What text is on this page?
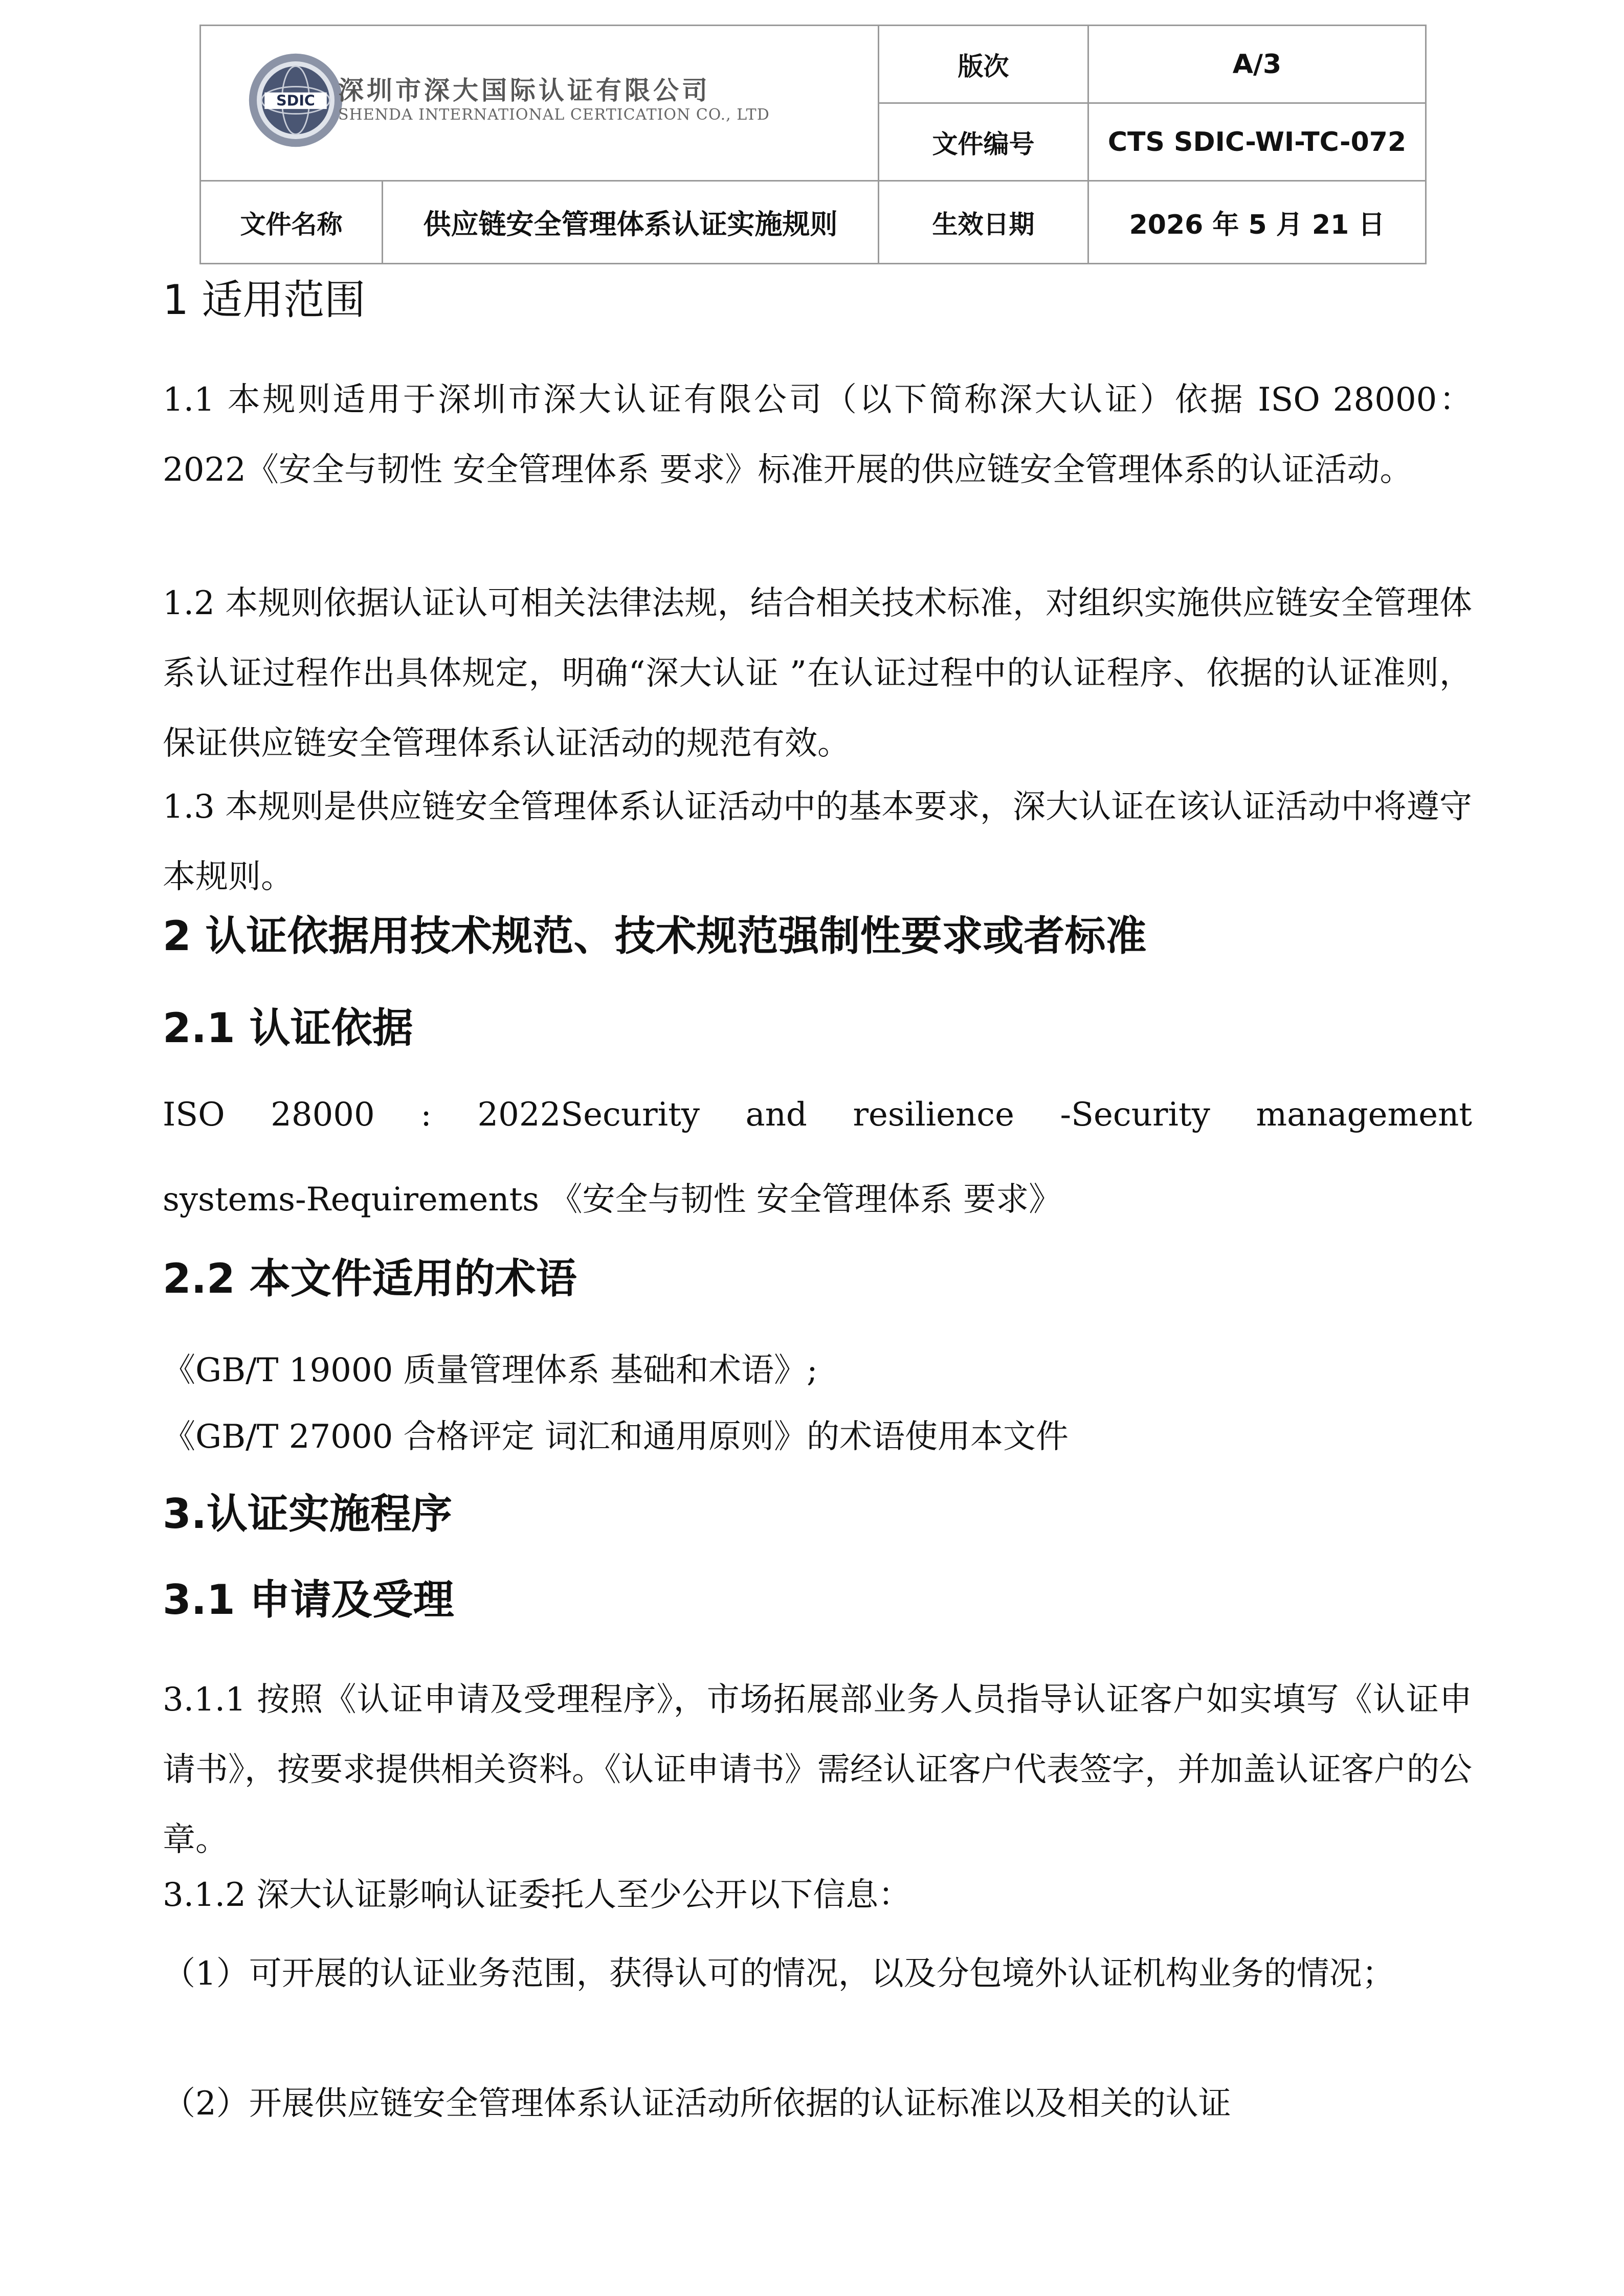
SDIC 深圳市深大国际认证有限公司
SHENDA INTERNATIONAL CERTICATION CO., LTD		版次	A/3
		文件编号	CTS SDIC-WI-TC-072
文件名称	供应链安全管理体系认证实施规则	生效日期	2026 年 5 月 21 日
1 适用范围

1.1 本规则适用于深圳市深大认证有限公司（以下简称深大认证）依据 ISO 28000：2022《安全与韧性 安全管理体系 要求》标准开展的供应链安全管理体系的认证活动。

1.2 本规则依据认证认可相关法律法规，结合相关技术标准，对组织实施供应链安全管理体系认证过程作出具体规定，明确“深大认证 ”在认证过程中的认证程序、依据的认证准则，保证供应链安全管理体系认证活动的规范有效。

1.3 本规则是供应链安全管理体系认证活动中的基本要求，深大认证在该认证活动中将遵守本规则。

2 认证依据用技术规范、技术规范强制性要求或者标准
2.1 认证依据
ISO 28000 : 2022Security and resilience -Security management
systems-Requirements 《安全与韧性 安全管理体系 要求》
2.2 本文件适用的术语
《GB/T 19000 质量管理体系 基础和术语》;
《GB/T 27000 合格评定 词汇和通用原则》的术语使用本文件
3.认证实施程序
3.1 申请及受理

3.1.1 按照《认证申请及受理程序》，市场拓展部业务人员指导认证客户如实填写《认证申请书》，按要求提供相关资料。《认证申请书》需经认证客户代表签字，并加盖认证客户的公章。

3.1.2 深大认证影响认证委托人至少公开以下信息：

（1）可开展的认证业务范围，获得认可的情况，以及分包境外认证机构业务的情况；

（2）开展供应链安全管理体系认证活动所依据的认证标准以及相关的认证
